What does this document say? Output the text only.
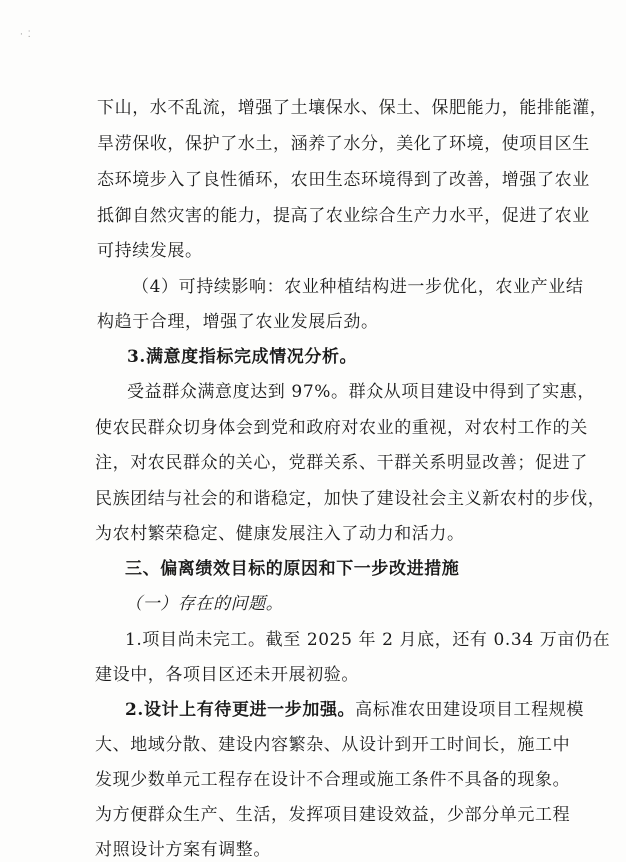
· ⁚
下山，水不乱流，增强了土壤保水、保土、保肥能力，能排能灌，
旱涝保收，保护了水土，涵养了水分，美化了环境，使项目区生
态环境步入了良性循环，农田生态环境得到了改善，增强了农业
抵御自然灾害的能力，提高了农业综合生产力水平，促进了农业
可持续发展。
（4）可持续影响：农业种植结构进一步优化，农业产业结
构趋于合理，增强了农业发展后劲。
3.满意度指标完成情况分析。
受益群众满意度达到 97%。群众从项目建设中得到了实惠，
使农民群众切身体会到党和政府对农业的重视，对农村工作的关
注，对农民群众的关心，党群关系、干群关系明显改善；促进了
民族团结与社会的和谐稳定，加快了建设社会主义新农村的步伐，
为农村繁荣稳定、健康发展注入了动力和活力。
三、偏离绩效目标的原因和下一步改进措施
（一）存在的问题。
1.项目尚未完工。截至 2025 年 2 月底，还有 0.34 万亩仍在
建设中，各项目区还未开展初验。
2.设计上有待更进一步加强。高标准农田建设项目工程规模
大、地域分散、建设内容繁杂、从设计到开工时间长，施工中
发现少数单元工程存在设计不合理或施工条件不具备的现象。
为方便群众生产、生活，发挥项目建设效益，少部分单元工程
对照设计方案有调整。
